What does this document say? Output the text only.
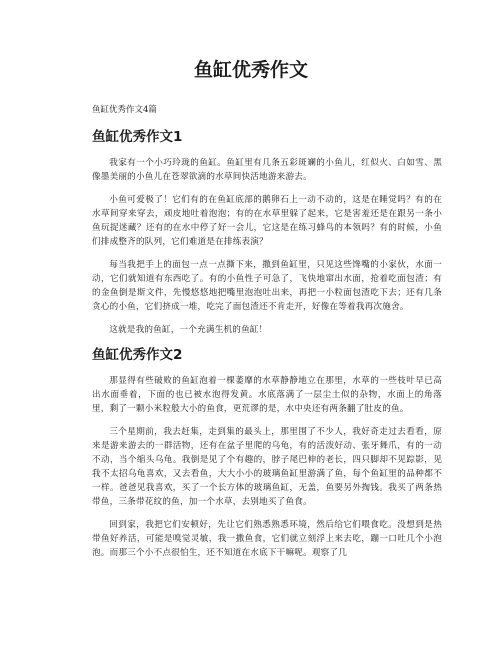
鱼缸优秀作文
鱼缸优秀作文4篇
鱼缸优秀作文1

我家有一个小巧玲珑的鱼缸。鱼缸里有几条五彩斑斓的小鱼儿，红似火、白如雪、黑像墨美丽的小鱼儿在苍翠欲滴的水草间快活地游来游去。

小鱼可爱极了！它们有的在鱼缸底部的鹅卵石上一动不动的，这是在睡觉吗？有的在水草间穿来穿去，顽皮地吐着泡泡；有的在水草里躲了起来，它是害羞还是在跟另一条小鱼玩捉迷藏？还有的在水中停了好一会儿，它这是在练习蜂鸟的本领吗？有的时候，小鱼们排成整齐的队列，它们难道是在排练表演？

每当我把手上的面包一点一点撕下来，撒到鱼缸里，只见这些馋嘴的小家伙，水面一动，它们就知道有东西吃了。有的小鱼性子可急了，飞快地窜出水面，抢着吃面包渣；有的金鱼倒是斯文件，先慢悠悠地把嘴里泡泡吐出来，再把一小粒面包渣吃下去；还有几条贪心的小鱼，它们挤成一堆，吃完了面包渣还不肯走开，好像在等着我再次施舍。

这就是我的鱼缸，一个充满生机的鱼缸！

鱼缸优秀作文2

那显得有些破败的鱼缸泡着一棵萎靡的水草静静地立在那里，水草的一些枝叶早已高出水面垂着，下面的也已被水泡得发黄。水底落满了一层尘土似的杂物，水面上的角落里，剩了一颗小米粒般大小的鱼食，更荒谬的是，水中央还有两条翻了肚皮的鱼。

三个星期前，我去赶集，走到集的最头上，那里围了不少人，我好奇走过去看看，原来是游来游去的一群活物，还有在盆子里爬的乌龟，有的活泼好动、张牙舞爪，有的一动不动，当个缩头乌龟。我倒是见了个有趣的，脖子尾巴伸的老长，四只脚却不见踪影，见我不太招乌龟喜欢，又去看鱼，大大小小的玻璃鱼缸里游满了鱼，每个鱼缸里的品种都不一样。爸爸见我喜欢，买了一个长方体的玻璃鱼缸，无盖，鱼要另外掏钱。我买了两条热带鱼，三条带花纹的鱼，加一个水草，去别地买了鱼食。

回到家，我把它们安顿好，先让它们熟悉熟悉环境，然后给它们喂食吃。没想到是热带鱼好养活，可能是嗅觉灵敏，我一撒鱼食，它们就立刻浮上来去吃，蹦一口吐几个小泡泡。而那三个小不点很怕生，还不知道在水底下干嘛呢。观察了几
